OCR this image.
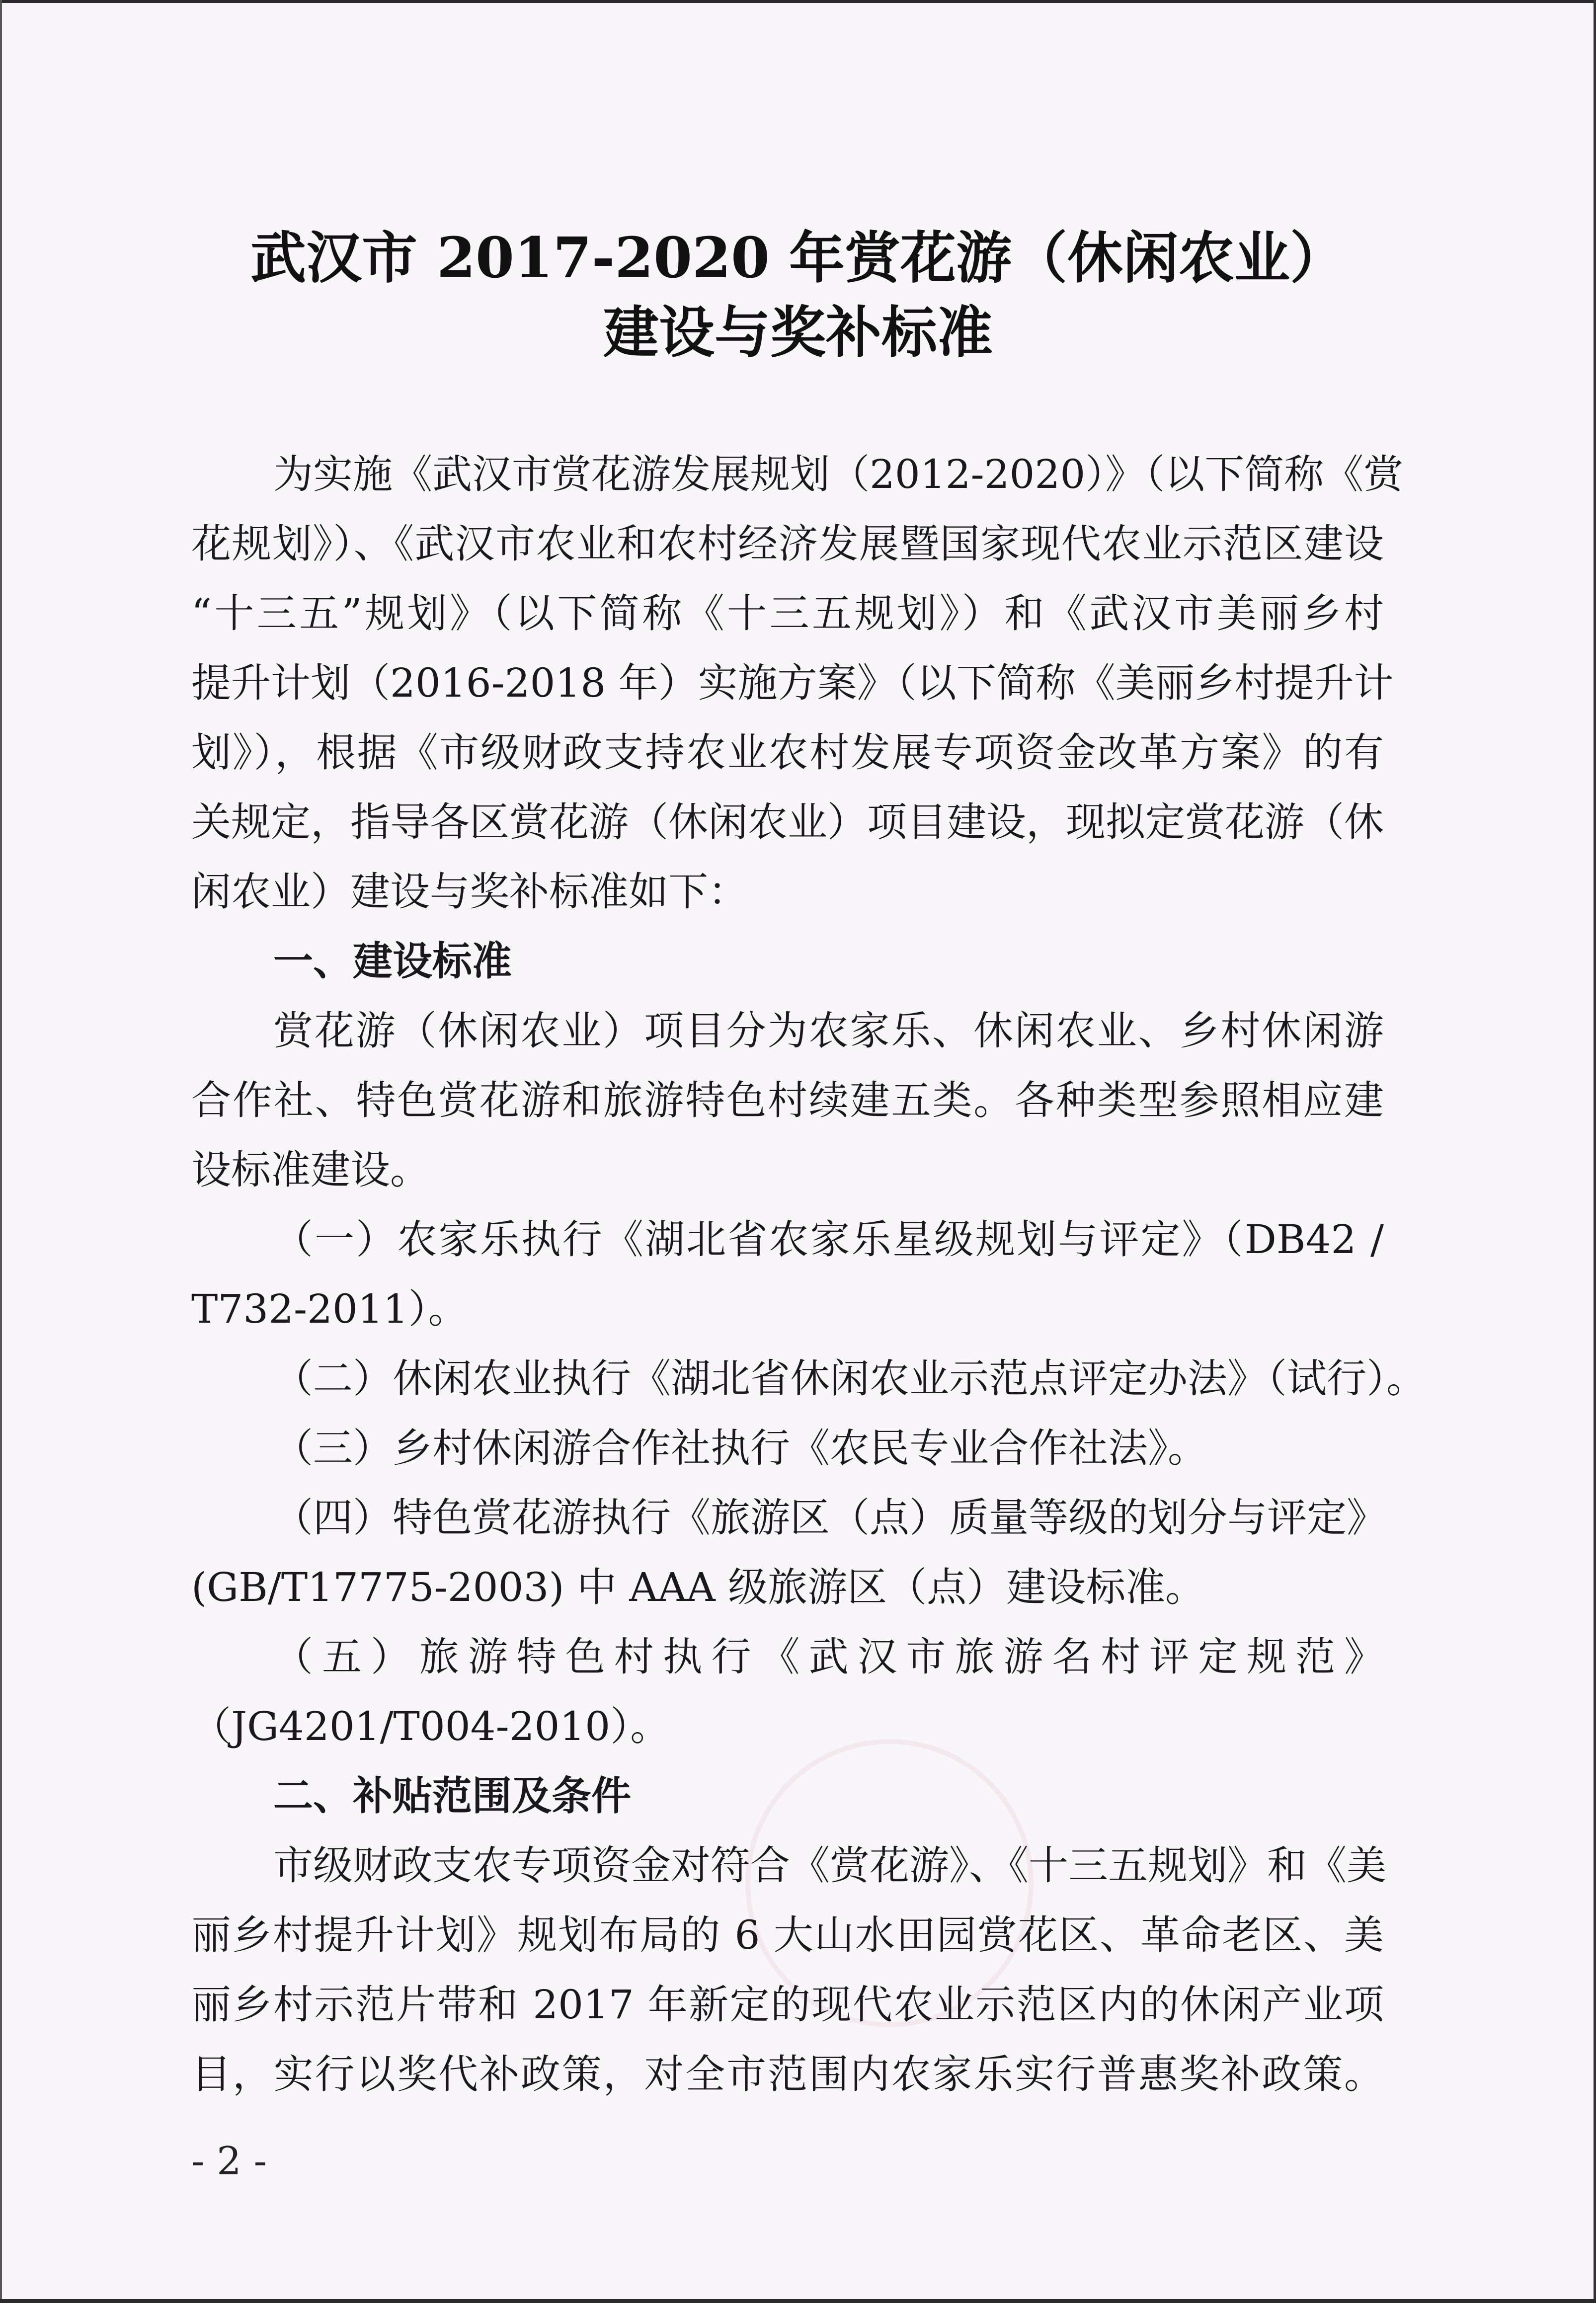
武汉市 2017-2020 年赏花游（休闲农业）
建设与奖补标准
为实施《武汉市赏花游发展规划（2012-2020）》（以下简称《赏
花规划》）、《武汉市农业和农村经济发展暨国家现代农业示范区建设
“十三五”规划》（以下简称《十三五规划》）和《武汉市美丽乡村
提升计划（2016-2018 年）实施方案》（以下简称《美丽乡村提升计
划》），根据《市级财政支持农业农村发展专项资金改革方案》的有
关规定，指导各区赏花游（休闲农业）项目建设，现拟定赏花游（休
闲农业）建设与奖补标准如下：
一、建设标准
赏花游（休闲农业）项目分为农家乐、休闲农业、乡村休闲游
合作社、特色赏花游和旅游特色村续建五类。各种类型参照相应建
设标准建设。
（一）农家乐执行《湖北省农家乐星级规划与评定》（DB42 /
T732-2011）。
（二）休闲农业执行《湖北省休闲农业示范点评定办法》（试行）。
（三）乡村休闲游合作社执行《农民专业合作社法》。
（四）特色赏花游执行《旅游区（点）质量等级的划分与评定》
(GB/T17775-2003) 中 AAA 级旅游区（点）建设标准。
（五）旅游特色村执行《武汉市旅游名村评定规范》
（JG4201/T004-2010）。
二、补贴范围及条件
市级财政支农专项资金对符合《赏花游》、《十三五规划》和《美
丽乡村提升计划》规划布局的 6 大山水田园赏花区、革命老区、美
丽乡村示范片带和 2017 年新定的现代农业示范区内的休闲产业项
目，实行以奖代补政策，对全市范围内农家乐实行普惠奖补政策。
- 2 -
